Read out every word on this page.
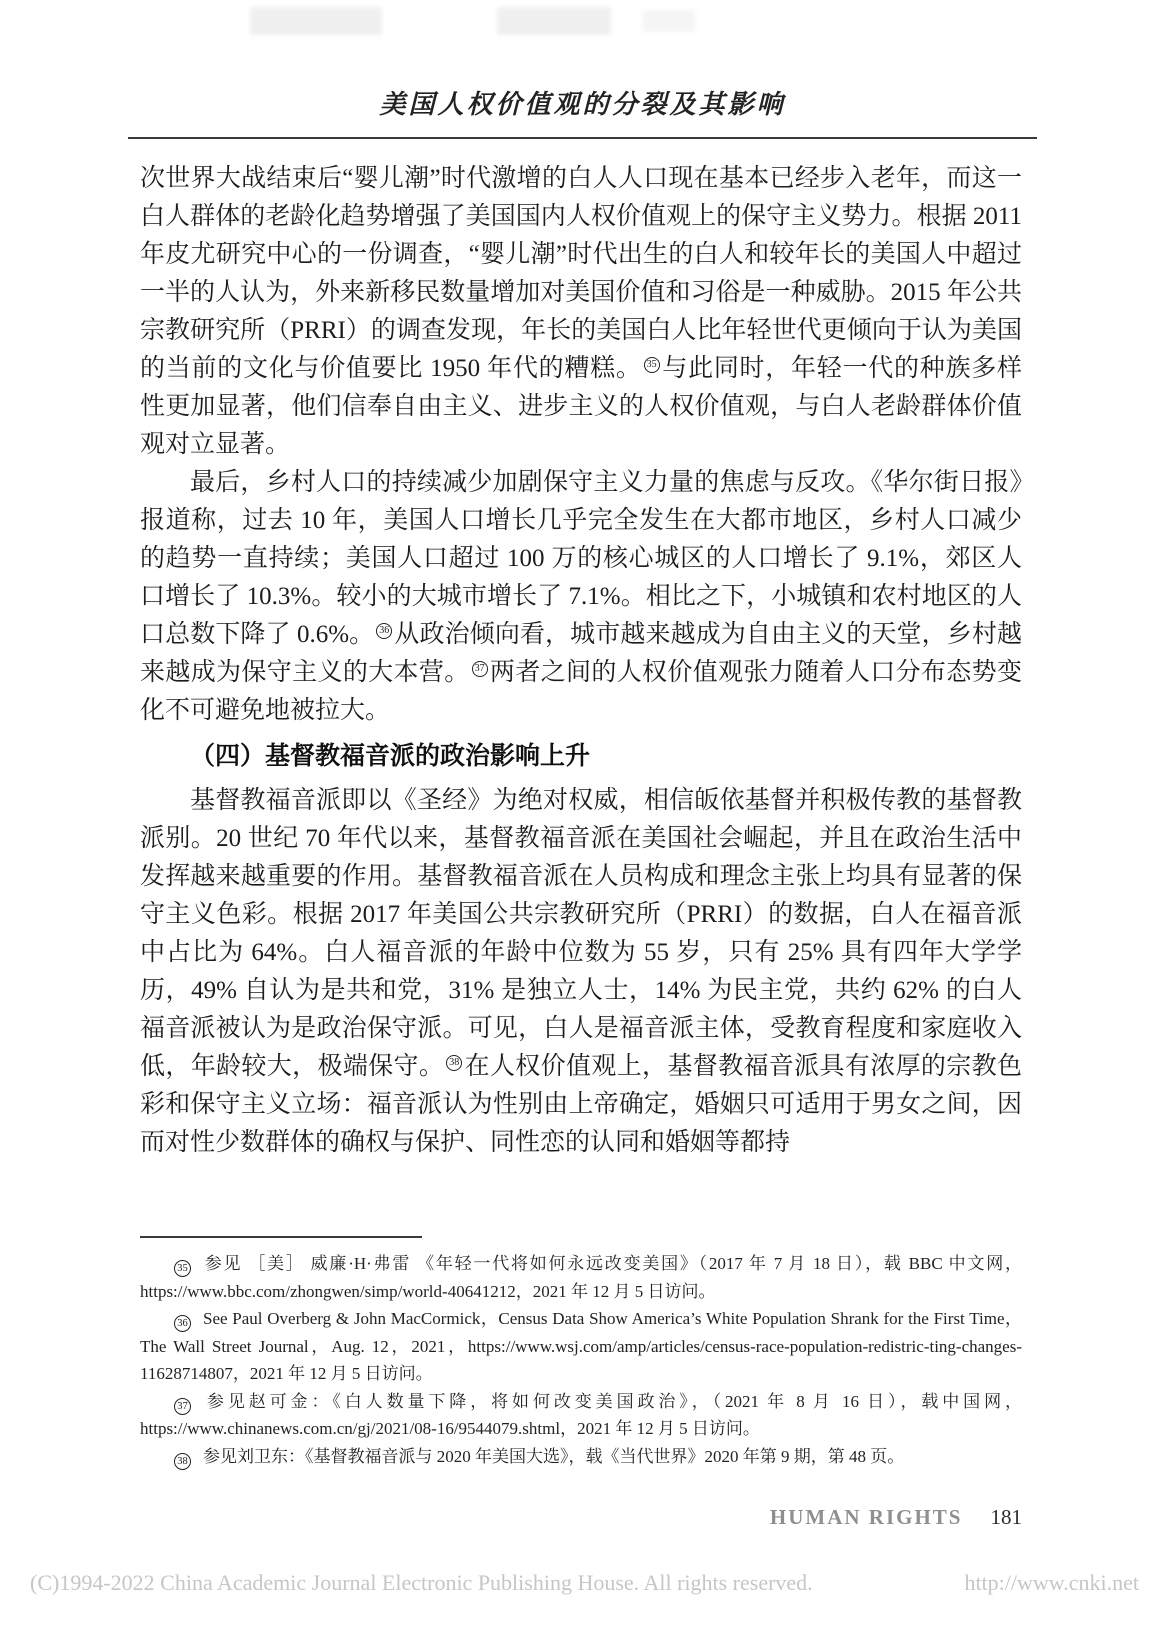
美国人权价值观的分裂及其影响

次世界大战结束后“婴儿潮”时代激增的白人人口现在基本已经步入老年，而这一白人群体的老龄化趋势增强了美国国内人权价值观上的保守主义势力。根据 2011 年皮尤研究中心的一份调查，“婴儿潮”时代出生的白人和较年长的美国人中超过一半的人认为，外来新移民数量增加对美国价值和习俗是一种威胁。2015 年公共宗教研究所（PRRI）的调查发现，年长的美国白人比年轻世代更倾向于认为美国的当前的文化与价值要比 1950 年代的糟糕。 35 与此同时，年轻一代的种族多样性更加显著，他们信奉自由主义、进步主义的人权价值观，与白人老龄群体价值观对立显著。

最后，乡村人口的持续减少加剧保守主义力量的焦虑与反攻。《华尔街日报》报道称，过去 10 年，美国人口增长几乎完全发生在大都市地区，乡村人口减少的趋势一直持续；美国人口超过 100 万的核心城区的人口增长了 9.1%，郊区人口增长了 10.3%。较小的大城市增长了 7.1%。相比之下，小城镇和农村地区的人口总数下降了 0.6%。 36 从政治倾向看，城市越来越成为自由主义的天堂，乡村越来越成为保守主义的大本营。 37 两者之间的人权价值观张力随着人口分布态势变化不可避免地被拉大。

（四）基督教福音派的政治影响上升

基督教福音派即以《圣经》为绝对权威，相信皈依基督并积极传教的基督教派别。20 世纪 70 年代以来，基督教福音派在美国社会崛起，并且在政治生活中发挥越来越重要的作用。基督教福音派在人员构成和理念主张上均具有显著的保守主义色彩。根据 2017 年美国公共宗教研究所（PRRI）的数据，白人在福音派中占比为 64%。白人福音派的年龄中位数为 55 岁，只有 25% 具有四年大学学历，49% 自认为是共和党，31% 是独立人士，14% 为民主党，共约 62% 的白人福音派被认为是政治保守派。可见，白人是福音派主体，受教育程度和家庭收入低，年龄较大，极端保守。 38 在人权价值观上，基督教福音派具有浓厚的宗教色彩和保守主义立场：福音派认为性别由上帝确定，婚姻只可适用于男女之间，因而对性少数群体的确权与保护、同性恋的认同和婚姻等都持

35 参见 ［美］ 威廉·H·弗雷 《年轻一代将如何永远改变美国》（2017 年 7 月 18 日），载 BBC 中文网，https://www.bbc.com/zhongwen/simp/world-40641212，2021 年 12 月 5 日访问。

36 See Paul Overberg & John MacCormick，Census Data Show America’s White Population Shrank for the First Time，The Wall Street Journal，Aug. 12，2021，https://www.wsj.com/amp/articles/census-race-population-redistric-ting-changes-11628714807，2021 年 12 月 5 日访问。

37 参见赵可金：《白人数量下降，将如何改变美国政治》，（2021 年 8 月 16 日），载中国网，https://www.chinanews.com.cn/gj/2021/08-16/9544079.shtml，2021 年 12 月 5 日访问。

38 参见刘卫东：《基督教福音派与 2020 年美国大选》，载《当代世界》2020 年第 9 期，第 48 页。

HUMAN RIGHTS 181
(C)1994-2022 China Academic Journal Electronic Publishing House. All rights reserved.	http://www.cnki.net
